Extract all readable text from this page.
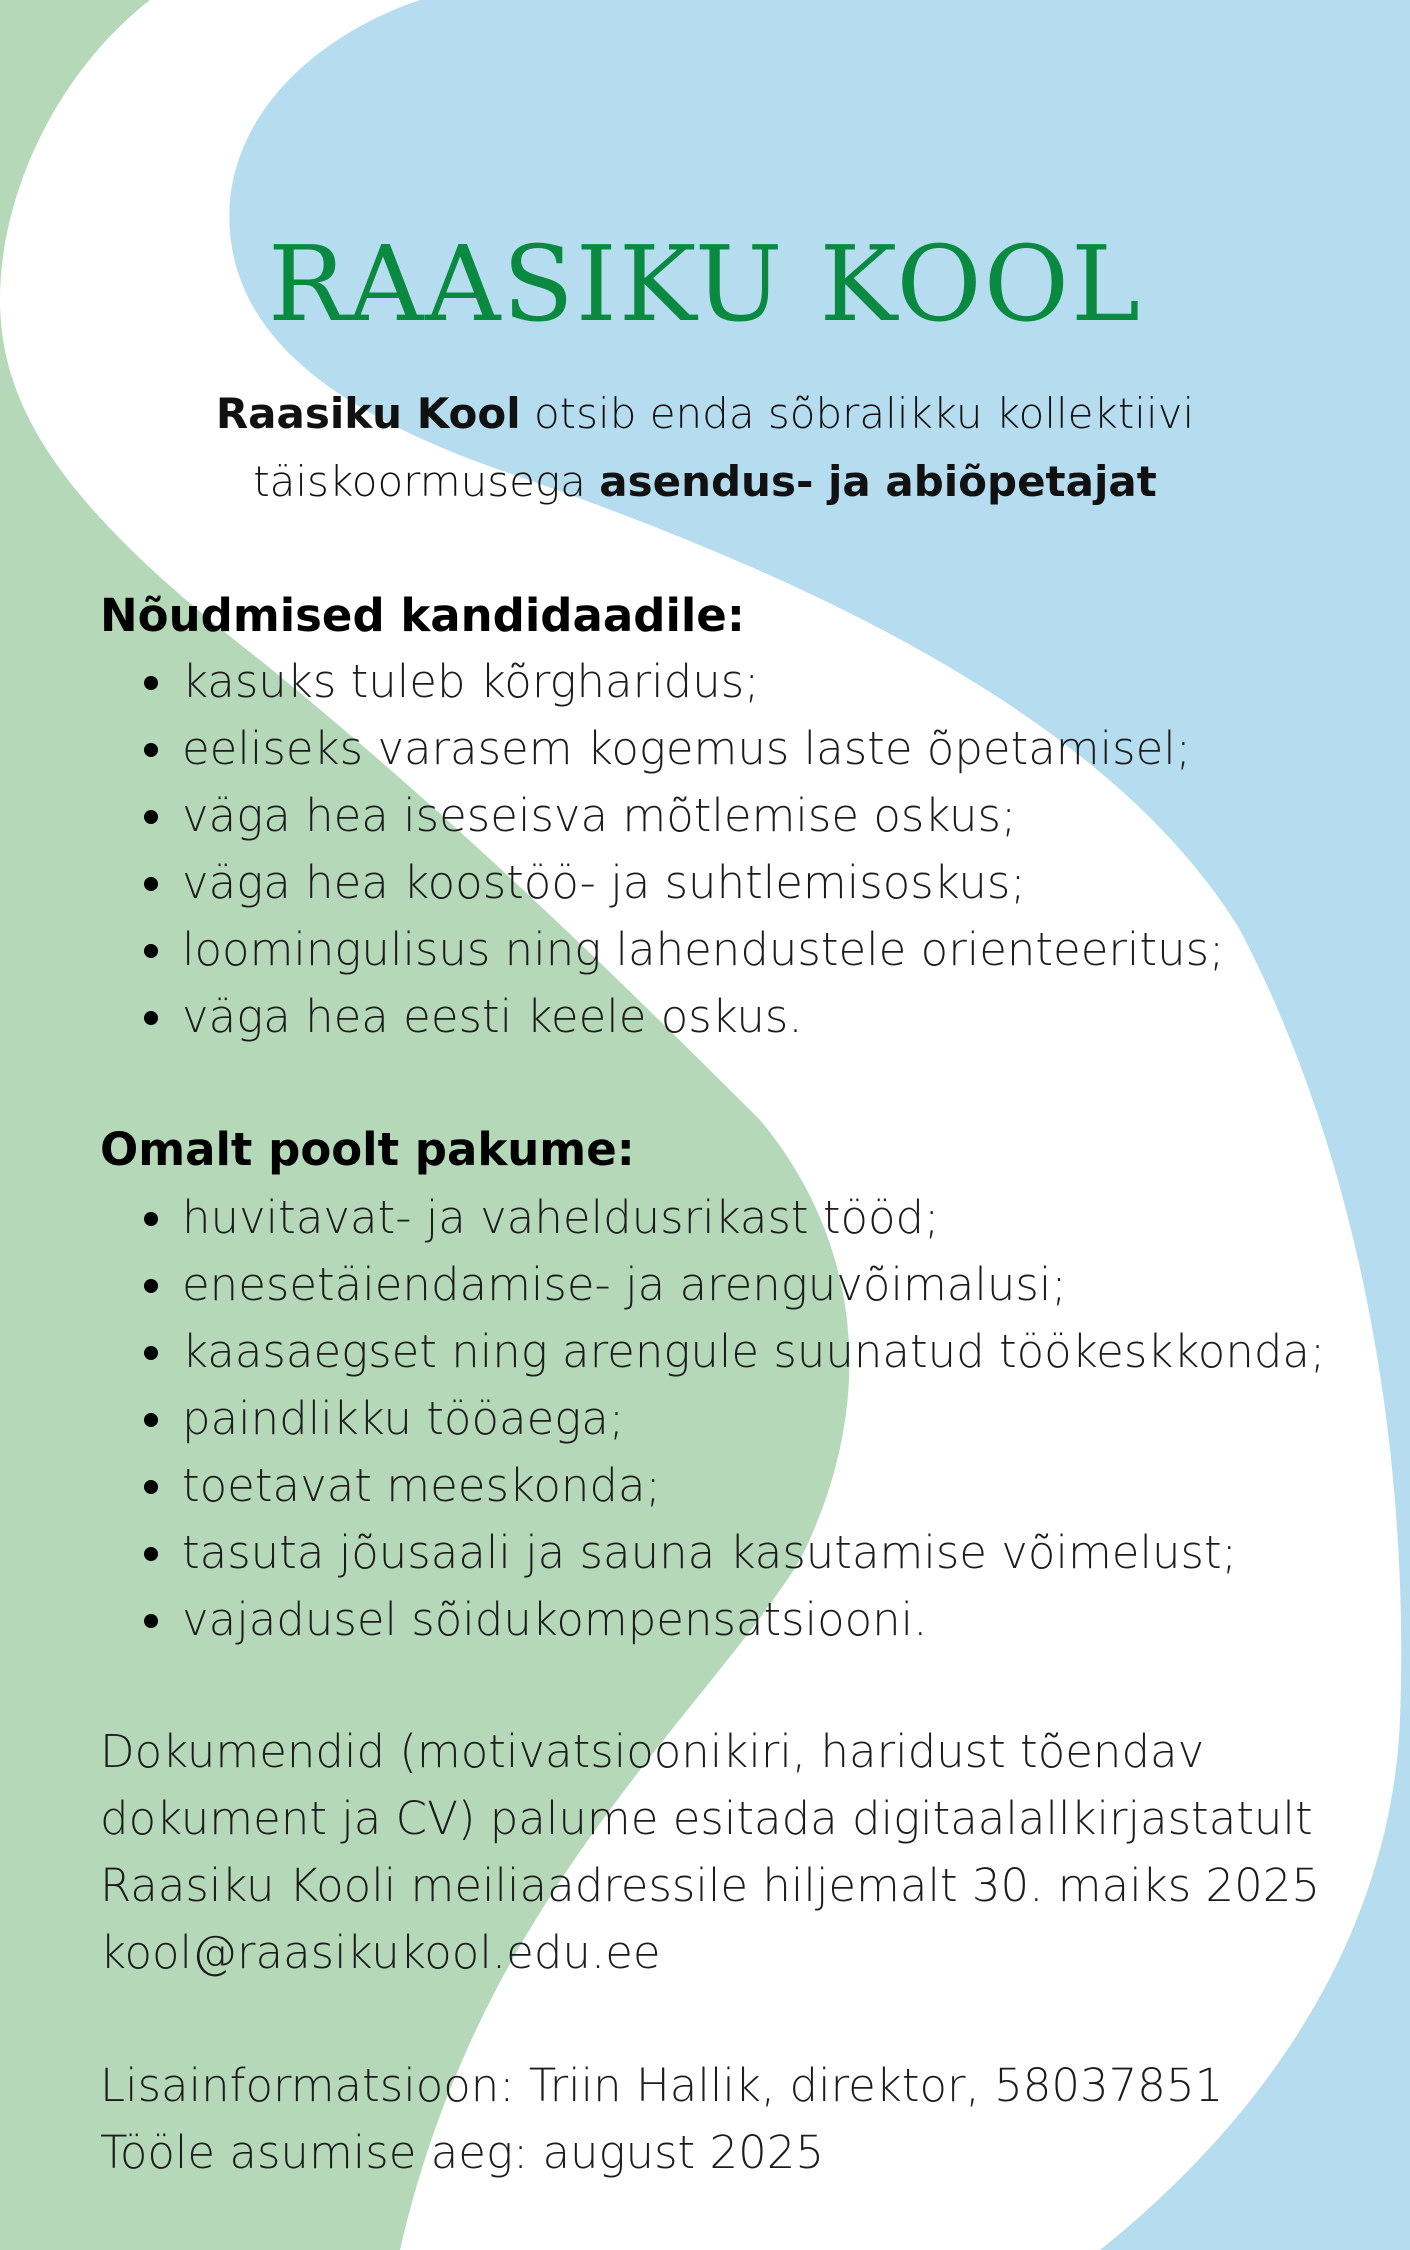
RAASIKU KOOL

Raasiku Kool otsib enda sõbralikku kollektiivi
täiskoormusega asendus- ja abiõpetajat

Nõudmised kandidaadile:
kasuks tuleb kõrgharidus;
eeliseks varasem kogemus laste õpetamisel;
väga hea iseseisva mõtlemise oskus;
väga hea koostöö- ja suhtlemisoskus;
loomingulisus ning lahendustele orienteeritus;
väga hea eesti keele oskus.
Omalt poolt pakume:
huvitavat- ja vaheldusrikast tööd;
enesetäiendamise- ja arenguvõimalusi;
kaasaegset ning arengule suunatud töökeskkonda;
paindlikku tööaega;
toetavat meeskonda;
tasuta jõusaali ja sauna kasutamise võimelust;
vajadusel sõidukompensatsiooni.
Dokumendid (motivatsioonikiri, haridust tõendav
dokument ja CV) palume esitada digitaalallkirjastatult
Raasiku Kooli meiliaadressile hiljemalt 30. maiks 2025
kool@raasikukool.edu.ee
Lisainformatsioon: Triin Hallik, direktor, 58037851
Tööle asumise aeg: august 2025
